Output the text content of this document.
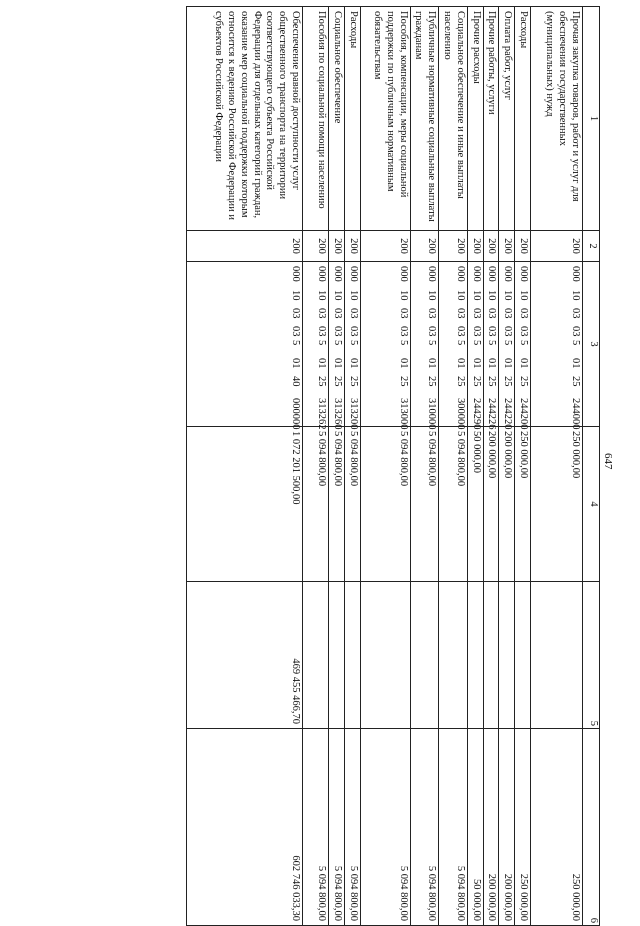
647
1	2	3	4	5	6
Прочая закупка товаров, работ и услуг для обеспечения государственных (муниципальных) нужд	200	00010030350125244000	250 000,00		250 000,00
Расходы	200	00010030350125244200	250 000,00		250 000,00
Оплата работ, услуг	200	00010030350125244220	200 000,00		200 000,00
Прочие работы, услуги	200	00010030350125244226	200 000,00		200 000,00
Прочие расходы	200	00010030350125244290	50 000,00		50 000,00
Социальное обеспечение и иные выплаты населению	200	00010030350125300000	5 094 800,00		5 094 800,00
Публичные нормативные социальные выплаты гражданам	200	00010030350125310000	5 094 800,00		5 094 800,00
Пособия, компенсации, меры социальной поддержки по публичным нормативным обязательствам	200	00010030350125313000	5 094 800,00		5 094 800,00
Расходы	200	00010030350125313200	5 094 800,00		5 094 800,00
Социальное обеспечение	200	00010030350125313260	5 094 800,00		5 094 800,00
Пособия по социальной помощи населению	200	00010030350125313262	5 094 800,00		5 094 800,00
Обеспечение равной доступности услуг общественного транспорта на территории соответствующего субъекта Российской Федерации для отдельных категорий граждан, оказание мер социальной поддержки которым относится к ведению Российской Федерации и субъектов Российской Федерации	200	00010030350140000000	1 072 201 500,00	469 455 466,70	602 746 033,30
